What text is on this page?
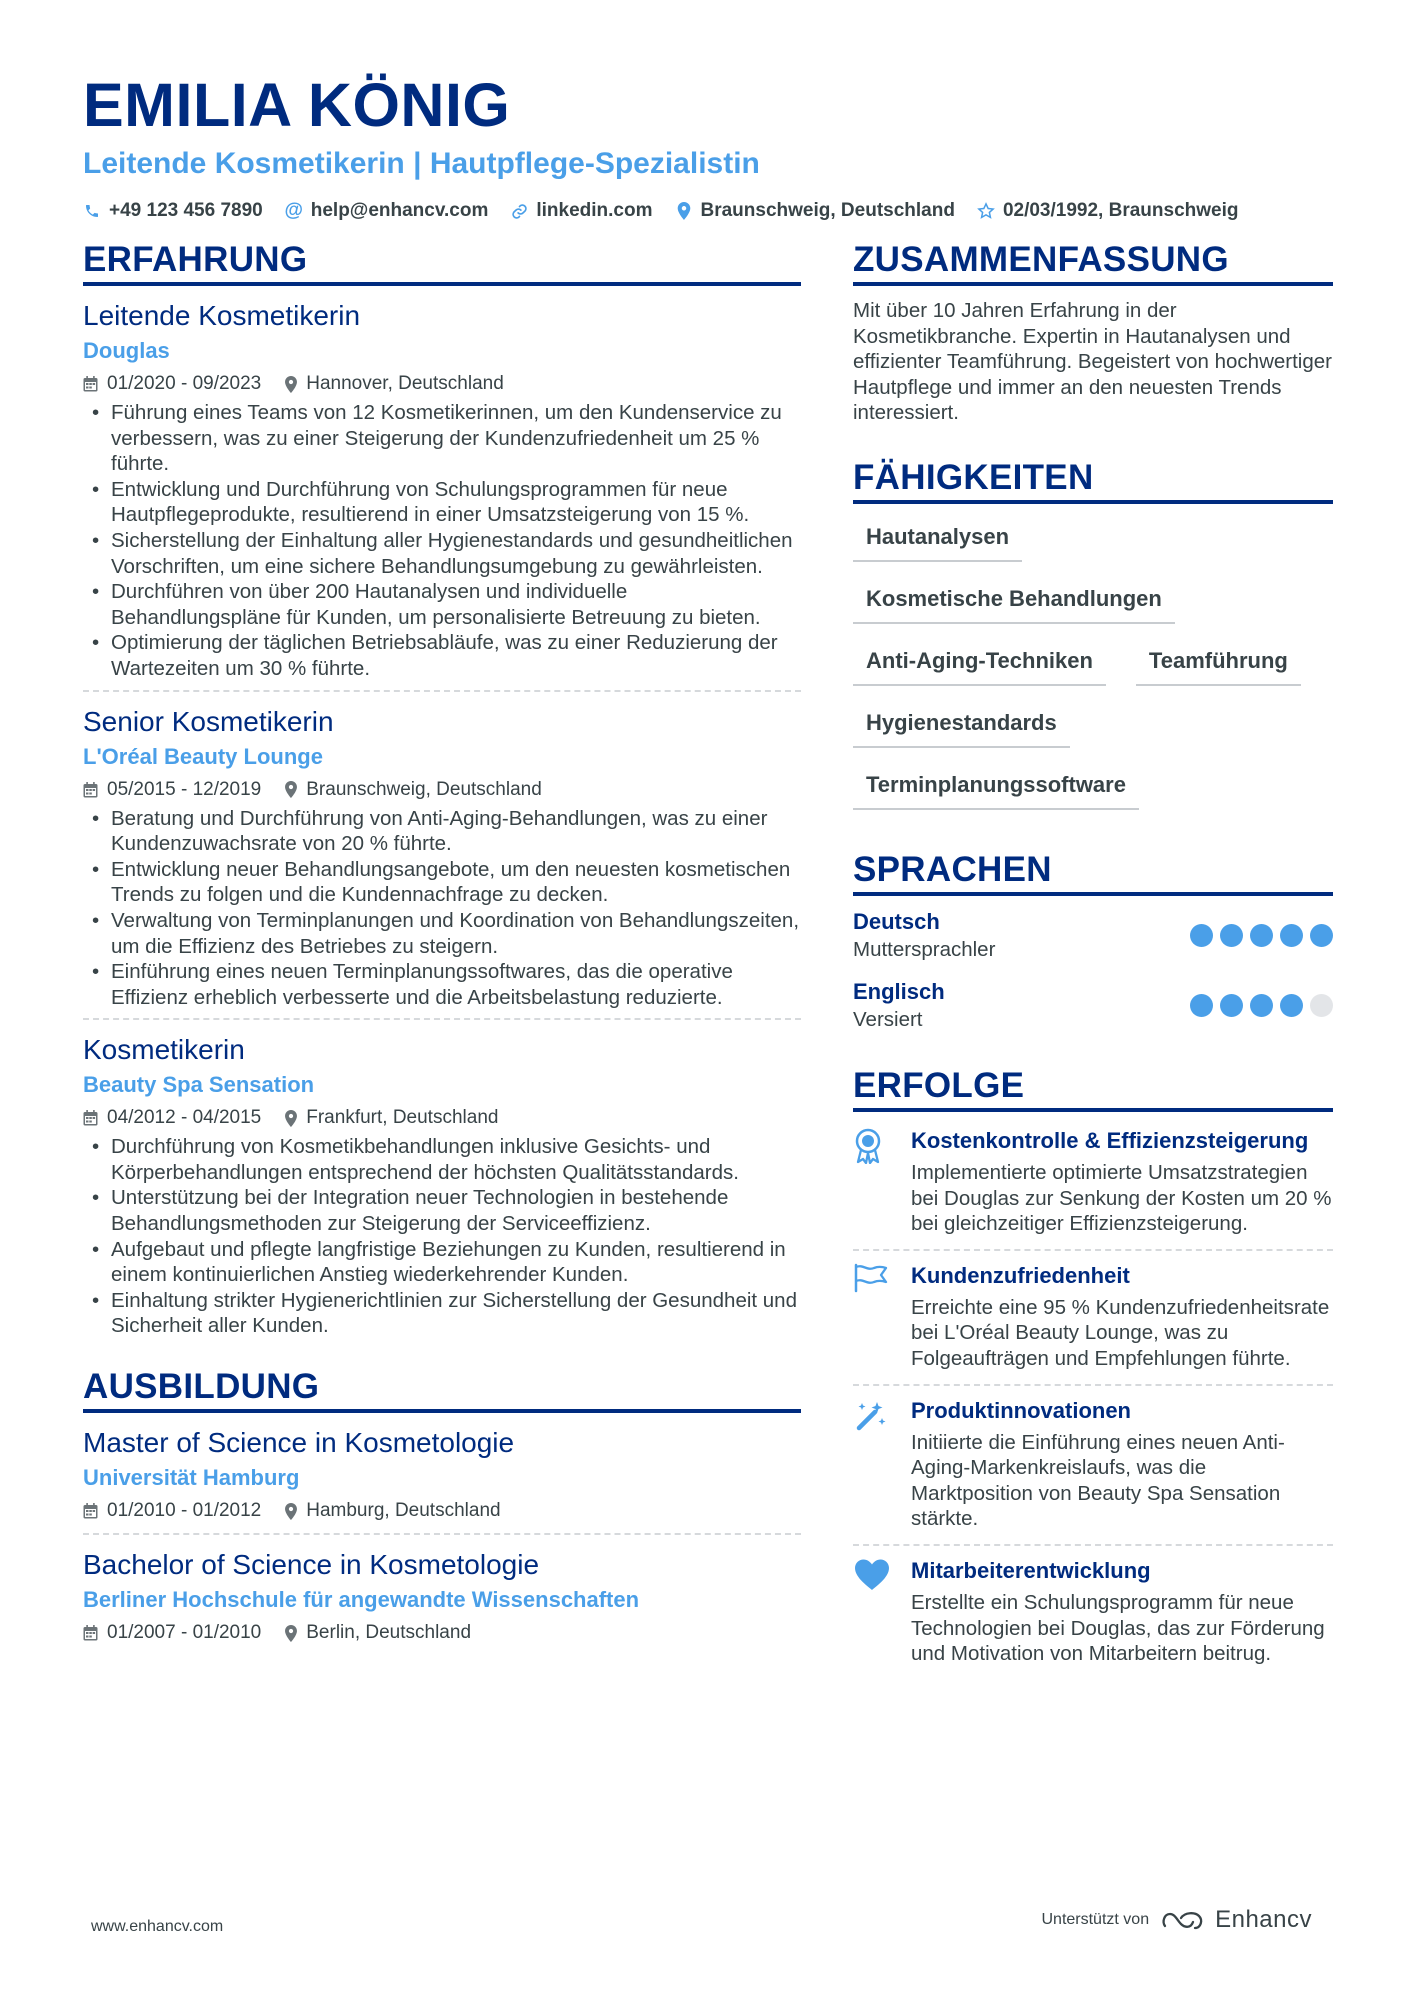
EMILIA KÖNIG
Leitende Kosmetikerin | Hautpflege-Spezialistin
+49 123 456 7890 @ help@enhancv.com	linkedin.com	Braunschweig, Deutschland	02/03/1992, Braunschweig
ERFAHRUNG
Leitende Kosmetikerin
Douglas
01/2020 - 09/2023 Hannover, Deutschland
• Führung eines Teams von 12 Kosmetikerinnen, um den Kundenservice zu verbessern, was zu einer Steigerung der Kundenzufriedenheit um 25 % führte.
• Entwicklung und Durchführung von Schulungsprogrammen für neue Hautpflegeprodukte, resultierend in einer Umsatzsteigerung von 15 %.
• Sicherstellung der Einhaltung aller Hygienestandards und gesundheitlichen Vorschriften, um eine sichere Behandlungsumgebung zu gewährleisten.
• Durchführen von über 200 Hautanalysen und individuelle Behandlungspläne für Kunden, um personalisierte Betreuung zu bieten.
• Optimierung der täglichen Betriebsabläufe, was zu einer Reduzierung der Wartezeiten um 30 % führte.
Senior Kosmetikerin
L'Oréal Beauty Lounge
05/2015 - 12/2019 Braunschweig, Deutschland
• Beratung und Durchführung von Anti-Aging-Behandlungen, was zu einer Kundenzuwachsrate von 20 % führte.
• Entwicklung neuer Behandlungsangebote, um den neuesten kosmetischen Trends zu folgen und die Kundennachfrage zu decken.
• Verwaltung von Terminplanungen und Koordination von Behandlungszeiten, um die Effizienz des Betriebes zu steigern.
• Einführung eines neuen Terminplanungssoftwares, das die operative Effizienz erheblich verbesserte und die Arbeitsbelastung reduzierte.
Kosmetikerin
Beauty Spa Sensation
04/2012 - 04/2015 Frankfurt, Deutschland
• Durchführung von Kosmetikbehandlungen inklusive Gesichts- und Körperbehandlungen entsprechend der höchsten Qualitätsstandards.
• Unterstützung bei der Integration neuer Technologien in bestehende Behandlungsmethoden zur Steigerung der Serviceeffizienz.
• Aufgebaut und pflegte langfristige Beziehungen zu Kunden, resultierend in einem kontinuierlichen Anstieg wiederkehrender Kunden.
• Einhaltung strikter Hygienerichtlinien zur Sicherstellung der Gesundheit und Sicherheit aller Kunden.
AUSBILDUNG
Master of Science in Kosmetologie
Universität Hamburg
01/2010 - 01/2012 Hamburg, Deutschland
Bachelor of Science in Kosmetologie
Berliner Hochschule für angewandte Wissenschaften
01/2007 - 01/2010 Berlin, Deutschland
ZUSAMMENFASSUNG
Mit über 10 Jahren Erfahrung in der Kosmetikbranche. Expertin in Hautanalysen und effizienter Teamführung. Begeistert von hochwertiger Hautpflege und immer an den neuesten Trends interessiert.
FÄHIGKEITEN
Hautanalysen
Kosmetische Behandlungen
Anti-Aging-Techniken	Teamführung
Hygienestandards
Terminplanungssoftware
SPRACHEN
Deutsch
Muttersprachler
Englisch
Versiert
ERFOLGE
Kostenkontrolle & Effizienzsteigerung
Implementierte optimierte Umsatzstrategien bei Douglas zur Senkung der Kosten um 20 % bei gleichzeitiger Effizienzsteigerung.
Kundenzufriedenheit
Erreichte eine 95 % Kundenzufriedenheitsrate bei L'Oréal Beauty Lounge, was zu Folgeaufträgen und Empfehlungen führte.
Produktinnovationen
Initiierte die Einführung eines neuen Anti-Aging-Markenkreislaufs, was die Marktposition von Beauty Spa Sensation stärkte.
Mitarbeiterentwicklung
Erstellte ein Schulungsprogramm für neue Technologien bei Douglas, das zur Förderung und Motivation von Mitarbeitern beitrug.
www.enhancv.com	Unterstützt von	Enhancv
